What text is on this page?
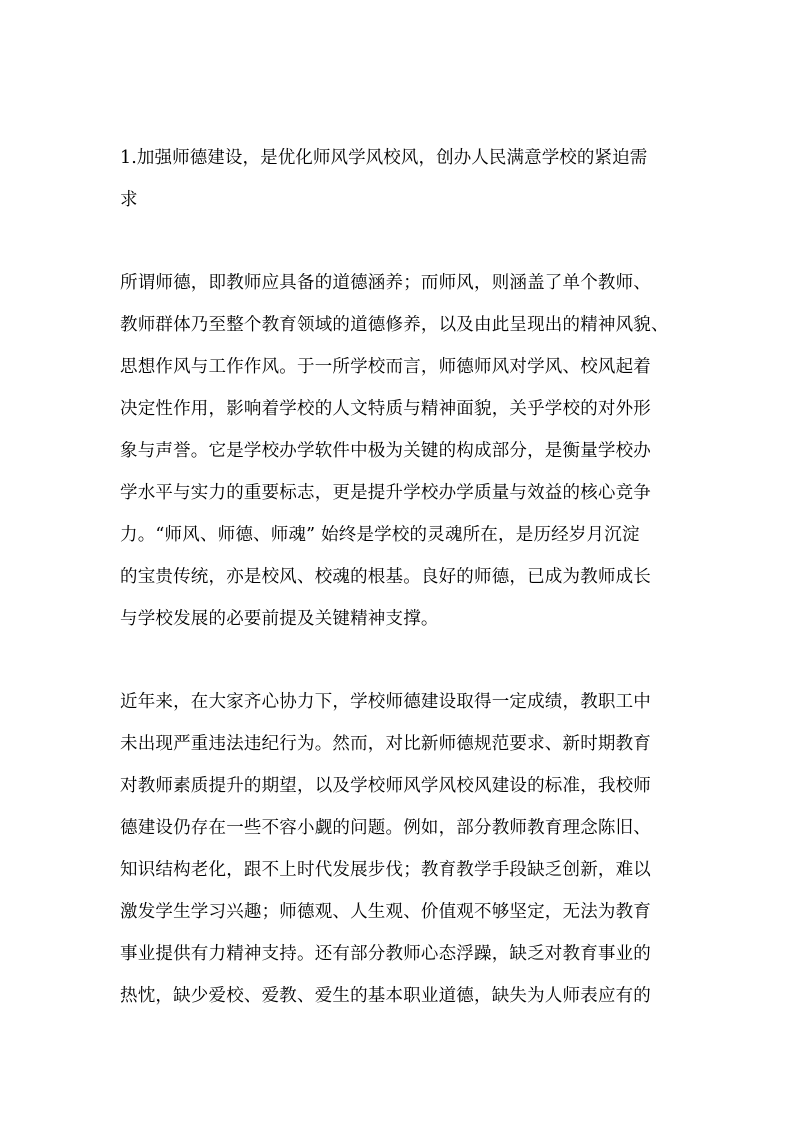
1.加强师德建设，是优化师风学风校风，创办人民满意学校的紧迫需

求

所谓师德，即教师应具备的道德涵养；而师风，则涵盖了单个教师、

教师群体乃至整个教育领域的道德修养，以及由此呈现出的精神风貌、

思想作风与工作作风。于一所学校而言，师德师风对学风、校风起着

决定性作用，影响着学校的人文特质与精神面貌，关乎学校的对外形

象与声誉。它是学校办学软件中极为关键的构成部分，是衡量学校办

学水平与实力的重要标志，更是提升学校办学质量与效益的核心竞争

力。“师风、师德、师魂” 始终是学校的灵魂所在，是历经岁月沉淀

的宝贵传统，亦是校风、校魂的根基。良好的师德，已成为教师成长

与学校发展的必要前提及关键精神支撑。

近年来，在大家齐心协力下，学校师德建设取得一定成绩，教职工中

未出现严重违法违纪行为。然而，对比新师德规范要求、新时期教育

对教师素质提升的期望，以及学校师风学风校风建设的标准，我校师

德建设仍存在一些不容小觑的问题。例如，部分教师教育理念陈旧、

知识结构老化，跟不上时代发展步伐；教育教学手段缺乏创新，难以

激发学生学习兴趣；师德观、人生观、价值观不够坚定，无法为教育

事业提供有力精神支持。还有部分教师心态浮躁，缺乏对教育事业的

热忱，缺少爱校、爱教、爱生的基本职业道德，缺失为人师表应有的
